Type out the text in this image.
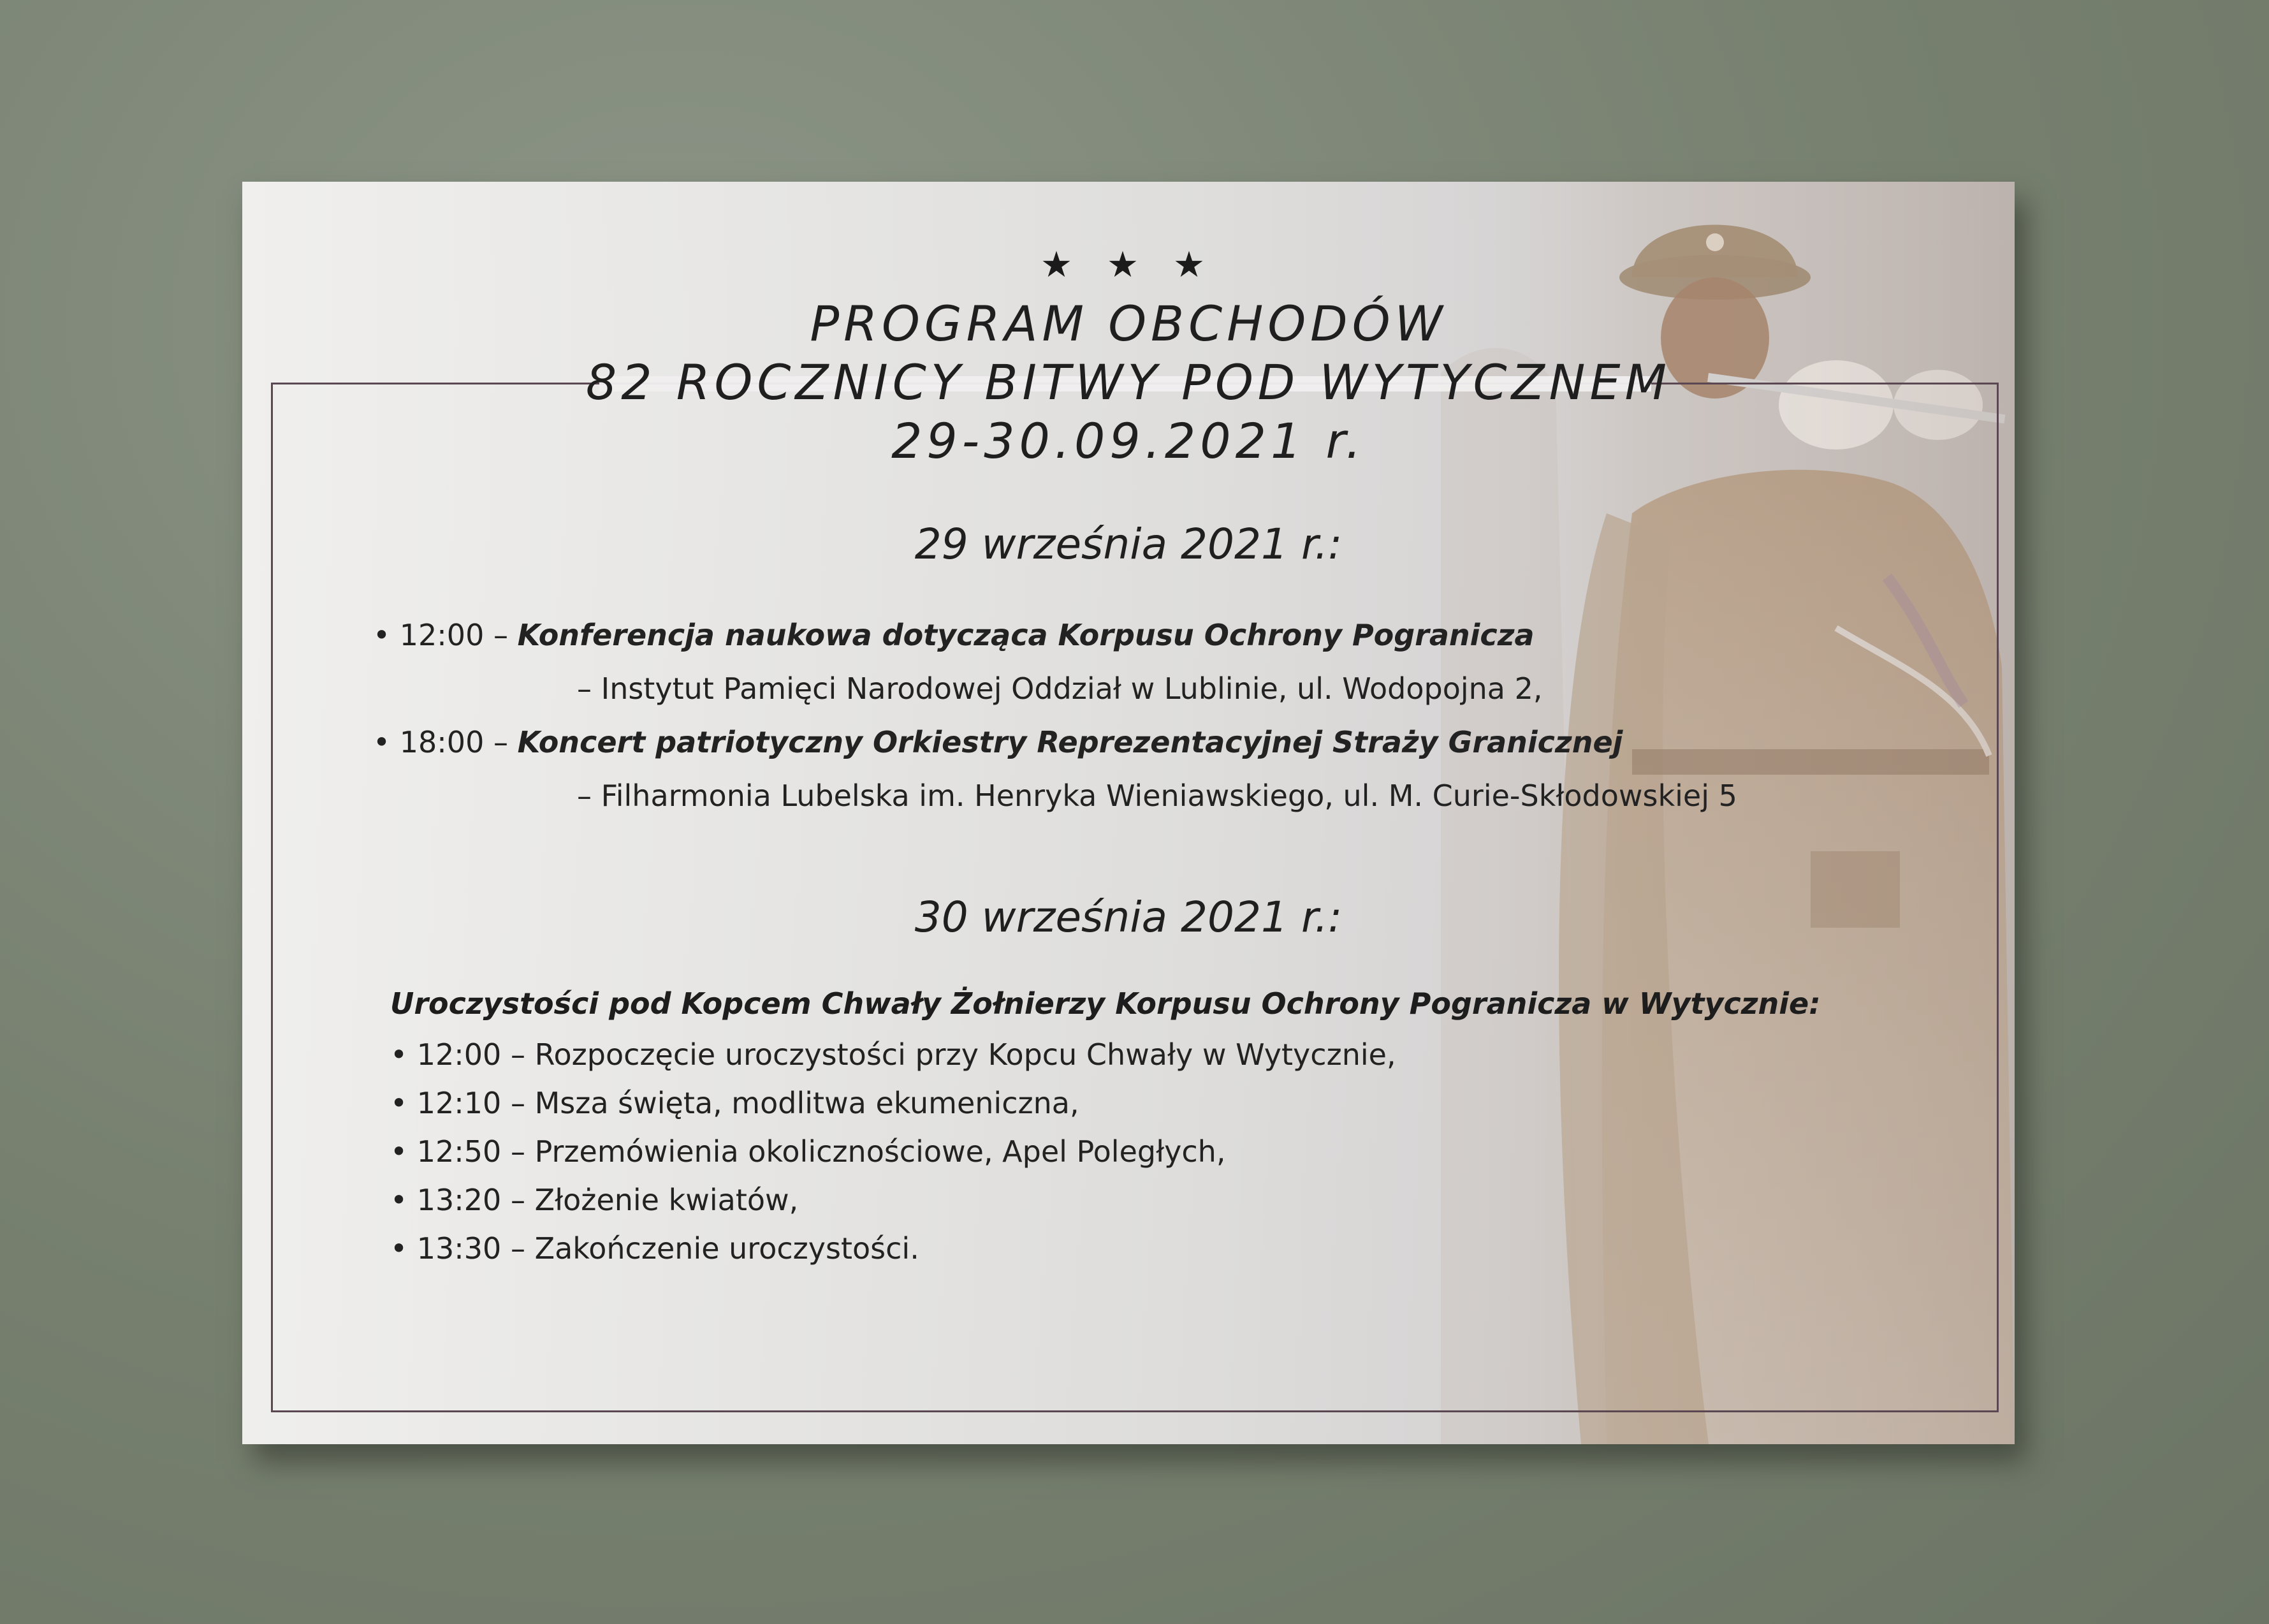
★ ★ ★
PROGRAM OBCHODÓW
82 ROCZNICY BITWY POD WYTYCZNEM
29-30.09.2021 r.
29 września 2021 r.:
• 12:00 – Konferencja naukowa dotycząca Korpusu Ochrony Pogranicza
– Instytut Pamięci Narodowej Oddział w Lublinie, ul. Wodopojna 2,
• 18:00 – Koncert patriotyczny Orkiestry Reprezentacyjnej Straży Granicznej
– Filharmonia Lubelska im. Henryka Wieniawskiego, ul. M. Curie-Skłodowskiej 5
30 września 2021 r.:
Uroczystości pod Kopcem Chwały Żołnierzy Korpusu Ochrony Pogranicza w Wytycznie:
• 12:00 – Rozpoczęcie uroczystości przy Kopcu Chwały w Wytycznie,
• 12:10 – Msza święta, modlitwa ekumeniczna,
• 12:50 – Przemówienia okolicznościowe, Apel Poległych,
• 13:20 – Złożenie kwiatów,
• 13:30 – Zakończenie uroczystości.
